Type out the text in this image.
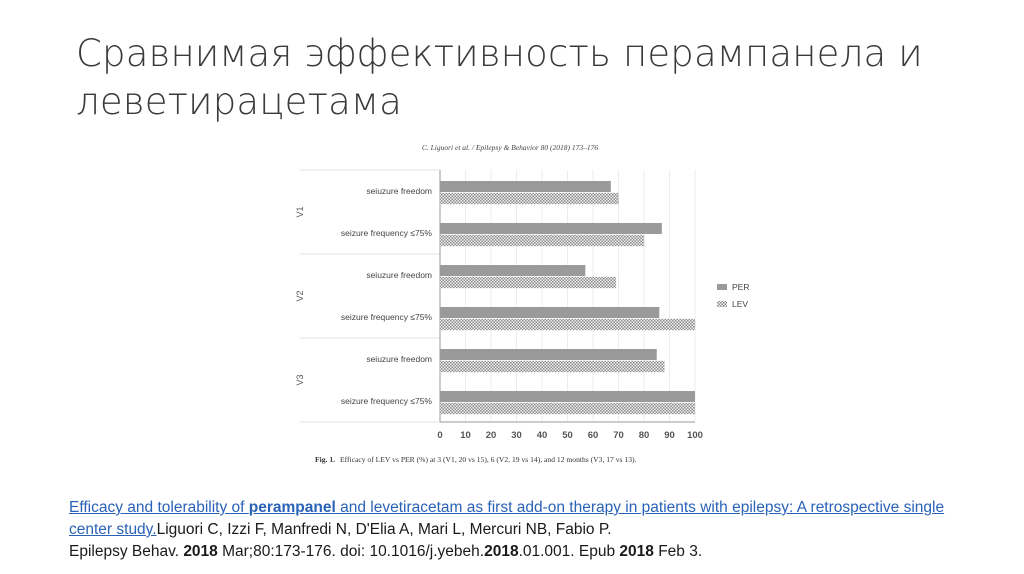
Сравнимая эффективность перампанела и
леветирацетама
C. Liguori et al. / Epilepsy & Behavior 80 (2018) 173–176
0 10 20 30 40 50 60 70 80 90 100
V1
seiuzure freedom
seizure frequency ≤75%
V2
seiuzure freedom
seizure frequency ≤75%
V3
seiuzure freedom
seizure frequency ≤75%
PER
LEV
Fig. 1. Efficacy of LEV vs PER (%) at 3 (V1, 20 vs 15), 6 (V2, 19 vs 14), and 12 months (V3, 17 vs 13).
Efficacy and tolerability of perampanel and levetiracetam as first add-on therapy in patients with epilepsy: A retrospective single center study.Liguori C, Izzi F, Manfredi N, D'Elia A, Mari L, Mercuri NB, Fabio P.
Epilepsy Behav. 2018 Mar;80:173-176. doi: 10.1016/j.yebeh.2018.01.001. Epub 2018 Feb 3.
